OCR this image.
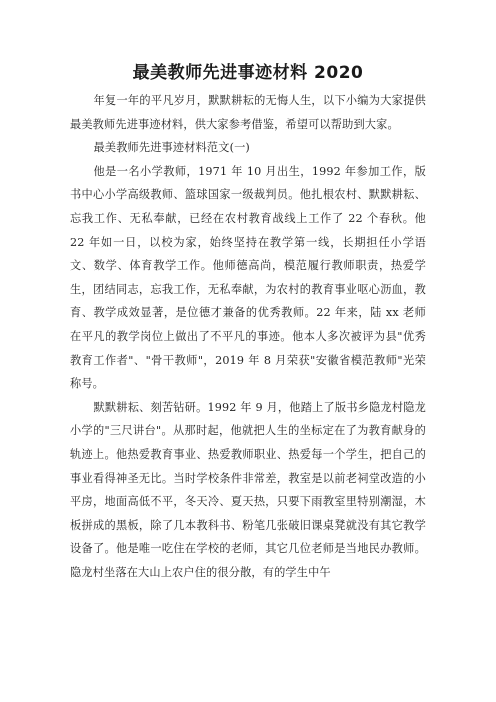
最美教师先进事迹材料 2020

年复一年的平凡岁月，默默耕耘的无悔人生，以下小编为大家提供最美教师先进事迹材料，供大家参考借鉴，希望可以帮助到大家。

最美教师先进事迹材料范文(一)

他是一名小学教师，1971 年 10 月出生，1992 年参加工作，版书中心小学高级教师、篮球国家一级裁判员。他扎根农村、默默耕耘、忘我工作、无私奉献，已经在农村教育战线上工作了 22 个春秋。他 22 年如一日，以校为家，始终坚持在教学第一线，长期担任小学语文、数学、体育教学工作。他师德高尚，模范履行教师职责，热爱学生，团结同志，忘我工作，无私奉献，为农村的教育事业呕心沥血，教育、教学成效显著，是位德才兼备的优秀教师。22 年来，陆 xx 老师在平凡的教学岗位上做出了不平凡的事迹。他本人多次被评为县"优秀教育工作者"、"骨干教师"，2019 年 8 月荣获"安徽省模范教师"光荣称号。

默默耕耘、刻苦钻研。1992 年 9 月，他踏上了版书乡隐龙村隐龙小学的"三尺讲台"。从那时起，他就把人生的坐标定在了为教育献身的轨迹上。他热爱教育事业、热爱教师职业、热爱每一个学生，把自己的事业看得神圣无比。当时学校条件非常差，教室是以前老祠堂改造的小平房，地面高低不平，冬天冷、夏天热，只要下雨教室里特别潮湿，木板拼成的黑板，除了几本教科书、粉笔几张破旧课桌凳就没有其它教学设备了。他是唯一吃住在学校的老师，其它几位老师是当地民办教师。隐龙村坐落在大山上农户住的很分散，有的学生中午
